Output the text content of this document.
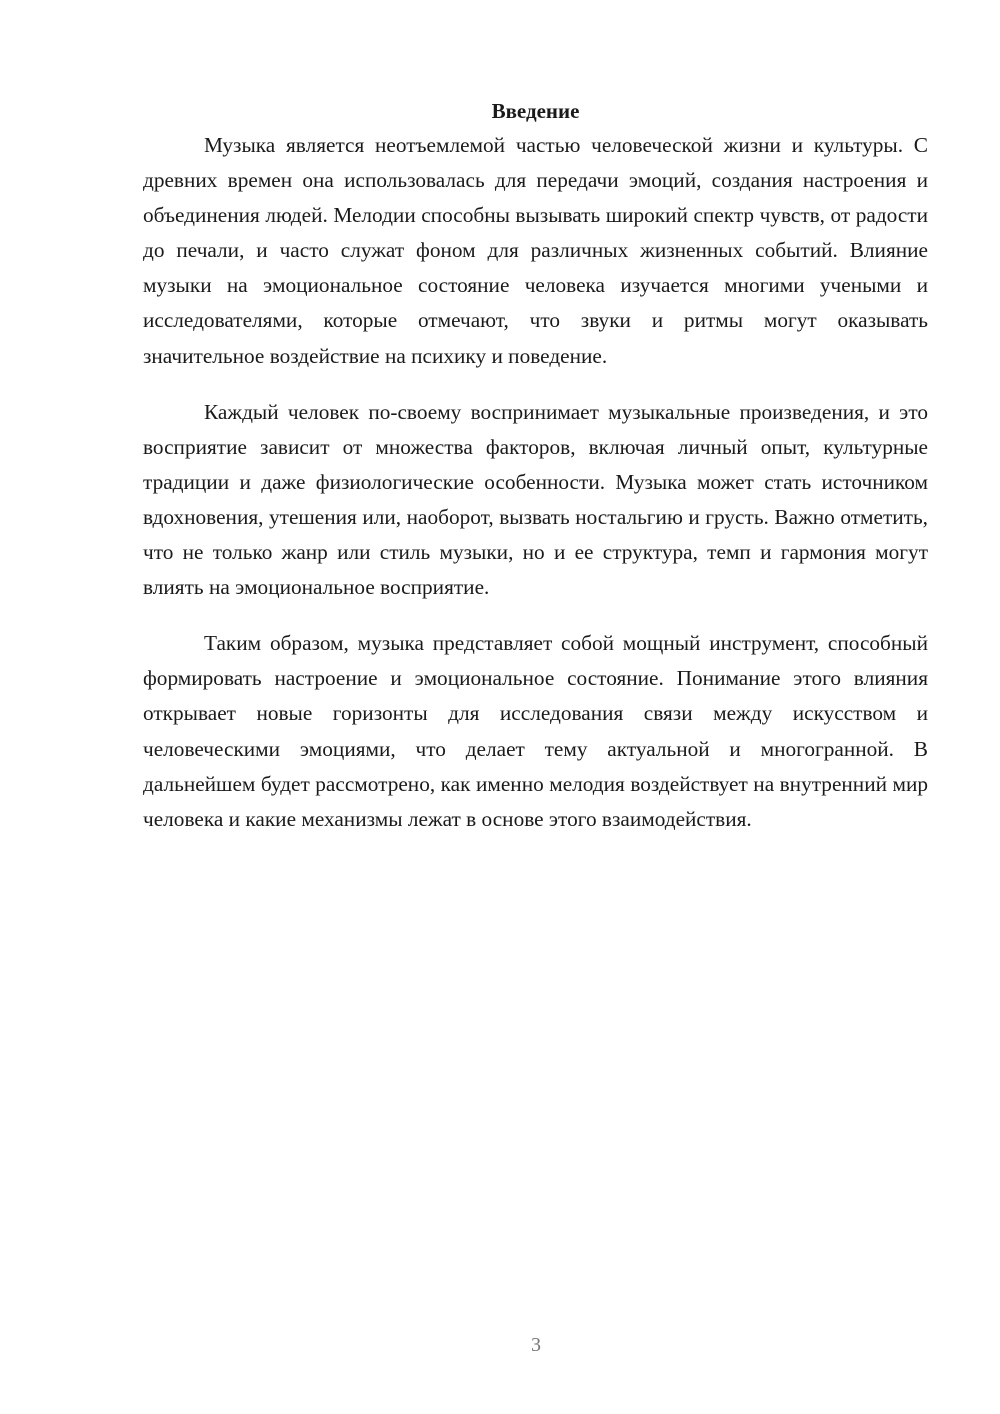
Введение

Музыка является неотъемлемой частью человеческой жизни и культуры. С древних времен она использовалась для передачи эмоций, создания настроения и объединения людей. Мелодии способны вызывать широкий спектр чувств, от радости до печали, и часто служат фоном для различных жизненных событий. Влияние музыки на эмоциональное состояние человека изучается многими учеными и исследователями, которые отмечают, что звуки и ритмы могут оказывать значительное воздействие на психику и поведение.

Каждый человек по-своему воспринимает музыкальные произведения, и это восприятие зависит от множества факторов, включая личный опыт, культурные традиции и даже физиологические особенности. Музыка может стать источником вдохновения, утешения или, наоборот, вызвать ностальгию и грусть. Важно отметить, что не только жанр или стиль музыки, но и ее структура, темп и гармония могут влиять на эмоциональное восприятие.

Таким образом, музыка представляет собой мощный инструмент, способный формировать настроение и эмоциональное состояние. Понимание этого влияния открывает новые горизонты для исследования связи между искусством и человеческими эмоциями, что делает тему актуальной и многогранной. В дальнейшем будет рассмотрено, как именно мелодия воздействует на внутренний мир человека и какие механизмы лежат в основе этого взаимодействия.

3
